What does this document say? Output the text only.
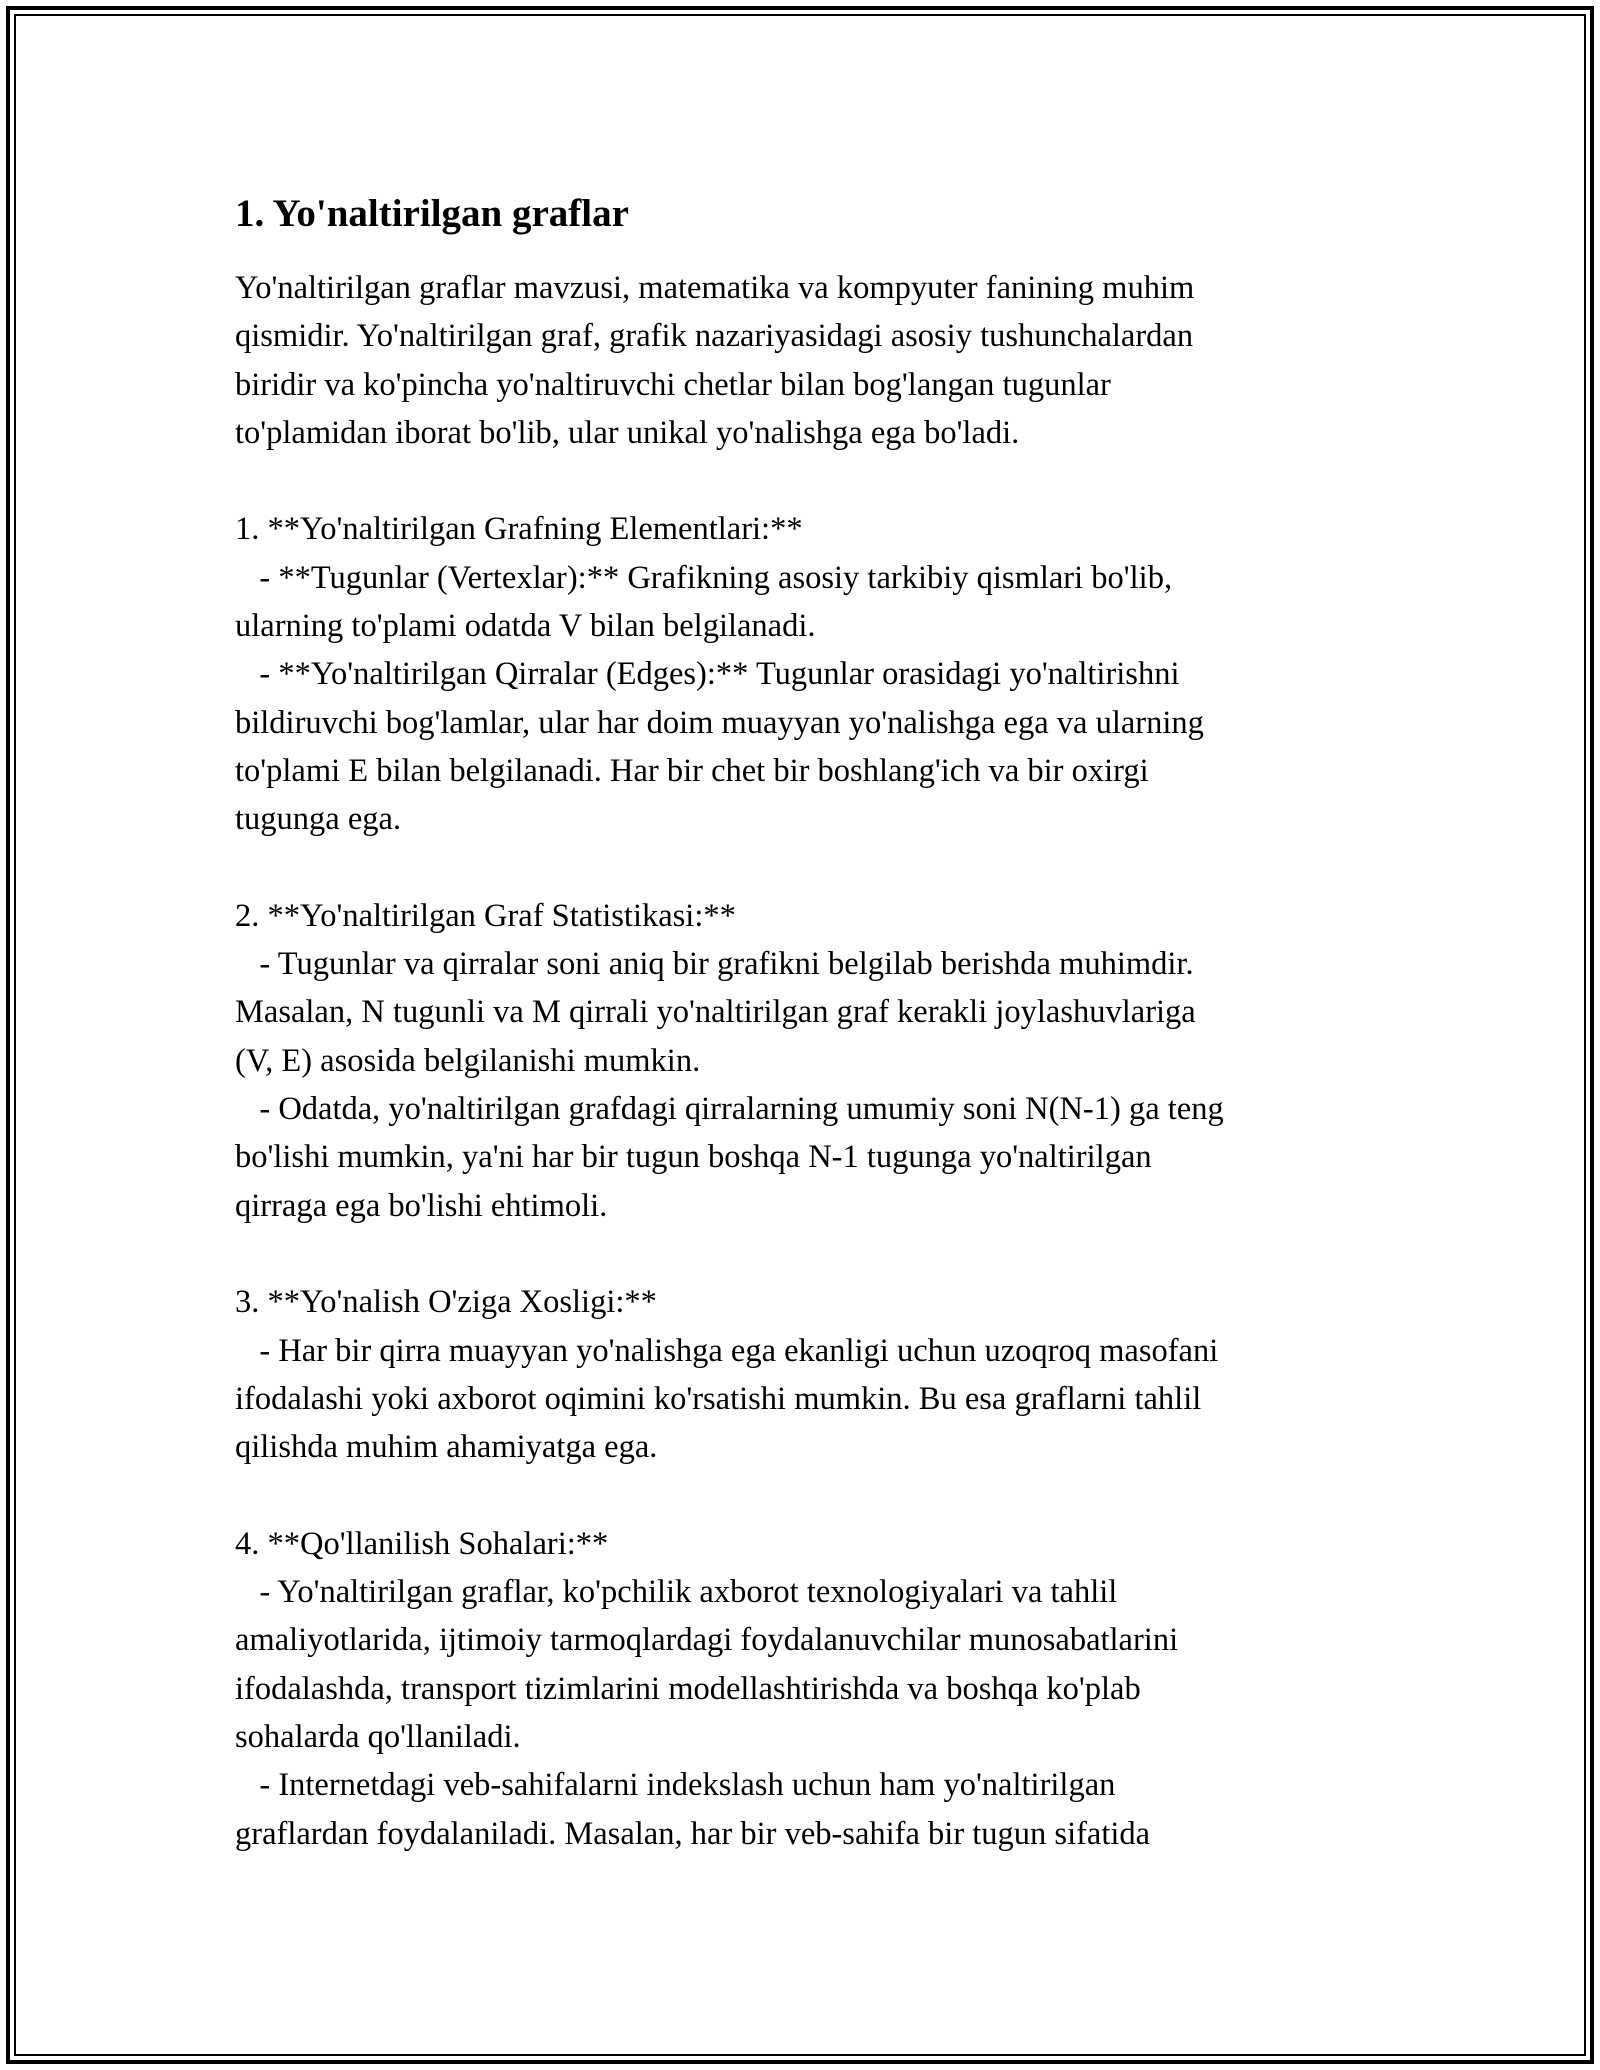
1. Yo'naltirilgan graflar

Yo'naltirilgan graflar mavzusi, matematika va kompyuter fanining muhim
qismidir. Yo'naltirilgan graf, grafik nazariyasidagi asosiy tushunchalardan
biridir va ko'pincha yo'naltiruvchi chetlar bilan bog'langan tugunlar
to'plamidan iborat bo'lib, ular unikal yo'nalishga ega bo'ladi.

1. **Yo'naltirilgan Grafning Elementlari:**

- **Tugunlar (Vertexlar):** Grafikning asosiy tarkibiy qismlari bo'lib,
ularning to'plami odatda V bilan belgilanadi.

- **Yo'naltirilgan Qirralar (Edges):** Tugunlar orasidagi yo'naltirishni
bildiruvchi bog'lamlar, ular har doim muayyan yo'nalishga ega va ularning
to'plami E bilan belgilanadi. Har bir chet bir boshlang'ich va bir oxirgi
tugunga ega.

2. **Yo'naltirilgan Graf Statistikasi:**

- Tugunlar va qirralar soni aniq bir grafikni belgilab berishda muhimdir.
Masalan, N tugunli va M qirrali yo'naltirilgan graf kerakli joylashuvlariga
(V, E) asosida belgilanishi mumkin.

- Odatda, yo'naltirilgan grafdagi qirralarning umumiy soni N(N-1) ga teng
bo'lishi mumkin, ya'ni har bir tugun boshqa N-1 tugunga yo'naltirilgan
qirraga ega bo'lishi ehtimoli.

3. **Yo'nalish O'ziga Xosligi:**

- Har bir qirra muayyan yo'nalishga ega ekanligi uchun uzoqroq masofani
ifodalashi yoki axborot oqimini ko'rsatishi mumkin. Bu esa graflarni tahlil
qilishda muhim ahamiyatga ega.

4. **Qo'llanilish Sohalari:**

- Yo'naltirilgan graflar, ko'pchilik axborot texnologiyalari va tahlil
amaliyotlarida, ijtimoiy tarmoqlardagi foydalanuvchilar munosabatlarini
ifodalashda, transport tizimlarini modellashtirishda va boshqa ko'plab
sohalarda qo'llaniladi.

- Internetdagi veb-sahifalarni indekslash uchun ham yo'naltirilgan
graflardan foydalaniladi. Masalan, har bir veb-sahifa bir tugun sifatida
